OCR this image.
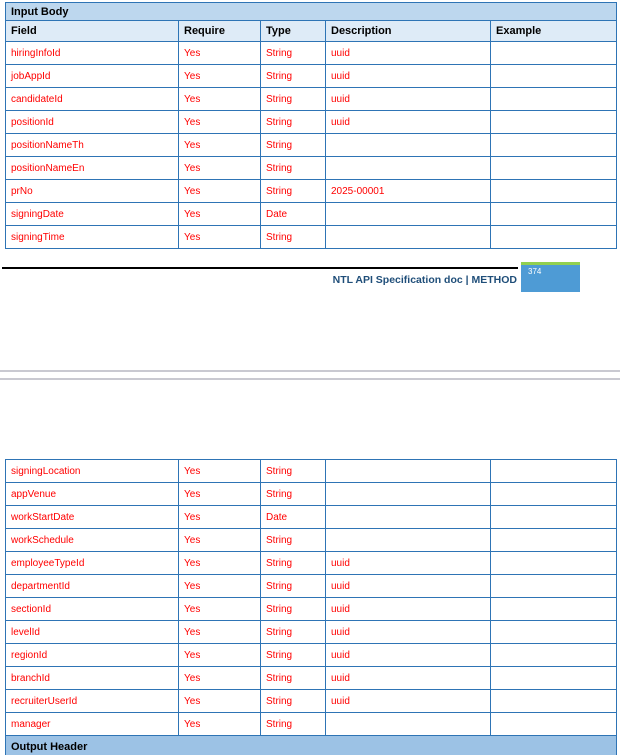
Input Body				
Field	Require	Type	Description	Example
hiringInfoId	Yes	String	uuid	
jobAppId	Yes	String	uuid	
candidateId	Yes	String	uuid	
positionId	Yes	String	uuid	
positionNameTh	Yes	String		
positionNameEn	Yes	String		
prNo	Yes	String	2025-00001	
signingDate	Yes	Date		
signingTime	Yes	String		
NTL API Specification doc | METHOD
374
signingLocation	Yes	String		
appVenue	Yes	String		
workStartDate	Yes	Date		
workSchedule	Yes	String		
employeeTypeId	Yes	String	uuid	
departmentId	Yes	String	uuid	
sectionId	Yes	String	uuid	
levelId	Yes	String	uuid	
regionId	Yes	String	uuid	
branchId	Yes	String	uuid	
recruiterUserId	Yes	String	uuid	
manager	Yes	String		
Output Header				
